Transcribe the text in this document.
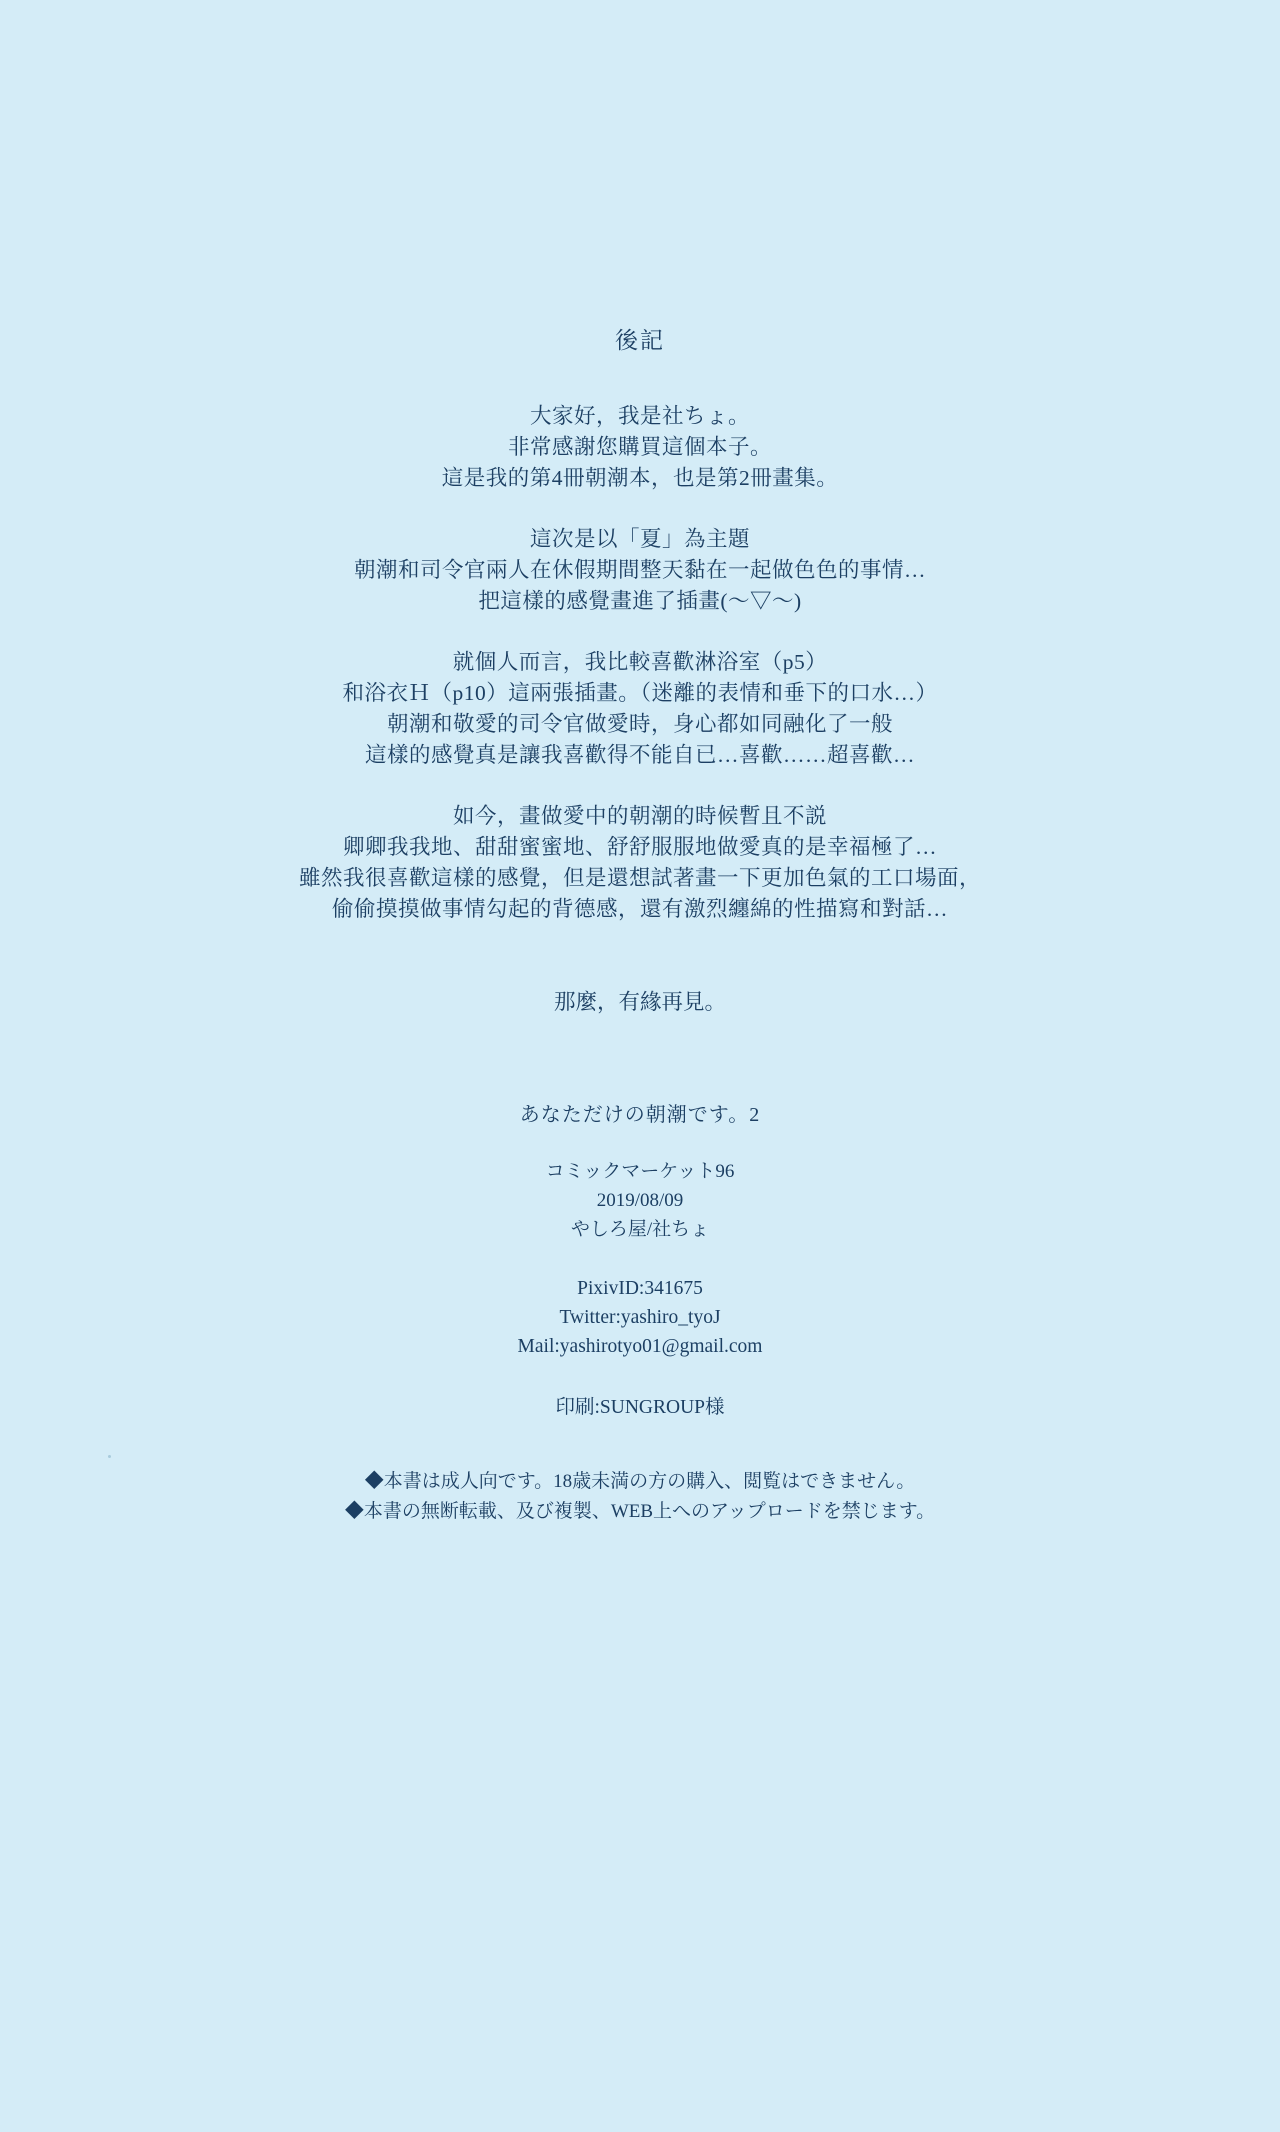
後記

大家好，我是社ちょ。

非常感謝您購買這個本子。

這是我的第4冊朝潮本，也是第2冊畫集。

這次是以「夏」為主題

朝潮和司令官兩人在休假期間整天黏在一起做色色的事情…

把這樣的感覺畫進了插畫(〜▽〜)

就個人而言，我比較喜歡淋浴室（p5）

和浴衣Ｈ（p10）這兩張插畫。（迷離的表情和垂下的口水…）

朝潮和敬愛的司令官做愛時，身心都如同融化了一般

這樣的感覺真是讓我喜歡得不能自已…喜歡……超喜歡…

如今，畫做愛中的朝潮的時候暫且不説

卿卿我我地、甜甜蜜蜜地、舒舒服服地做愛真的是幸福極了…

雖然我很喜歡這樣的感覺，但是還想試著畫一下更加色氣的工口場面，

偷偷摸摸做事情勾起的背德感，還有激烈纏綿的性描寫和對話…

那麼，有緣再見。
あなただけの朝潮です。2

コミックマーケット96

2019/08/09

やしろ屋/社ちょ

PixivID:341675

Twitter:yashiro_tyoJ

Mail:yashirotyo01@gmail.com

印刷:SUNGROUP様

◆本書は成人向です。18歳未満の方の購入、閲覧はできません。

◆本書の無断転載、及び複製、WEB上へのアップロードを禁じます。
